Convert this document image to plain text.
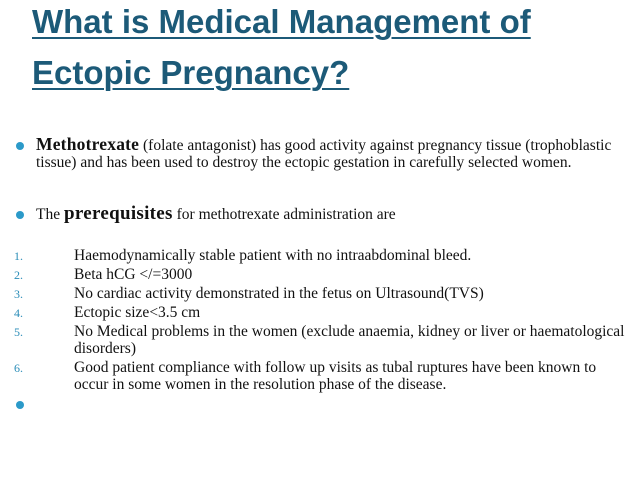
What is Medical Management of
Ectopic Pregnancy?
Methotrexate (folate antagonist) has good activity against pregnancy tissue (trophoblastic tissue) and has been used to destroy the ectopic gestation in carefully selected women.
The prerequisites for methotrexate administration are
1.	Haemodynamically stable patient with no intraabdominal bleed.
2.	Beta hCG </=3000
3.	No cardiac activity demonstrated in the fetus on Ultrasound(TVS)
4.	Ectopic size<3.5 cm
5.	No Medical problems in the women (exclude anaemia, kidney or liver or haematological disorders)
6.	Good patient compliance with follow up visits as tubal ruptures have been known to occur in some women in the resolution phase of the disease.
